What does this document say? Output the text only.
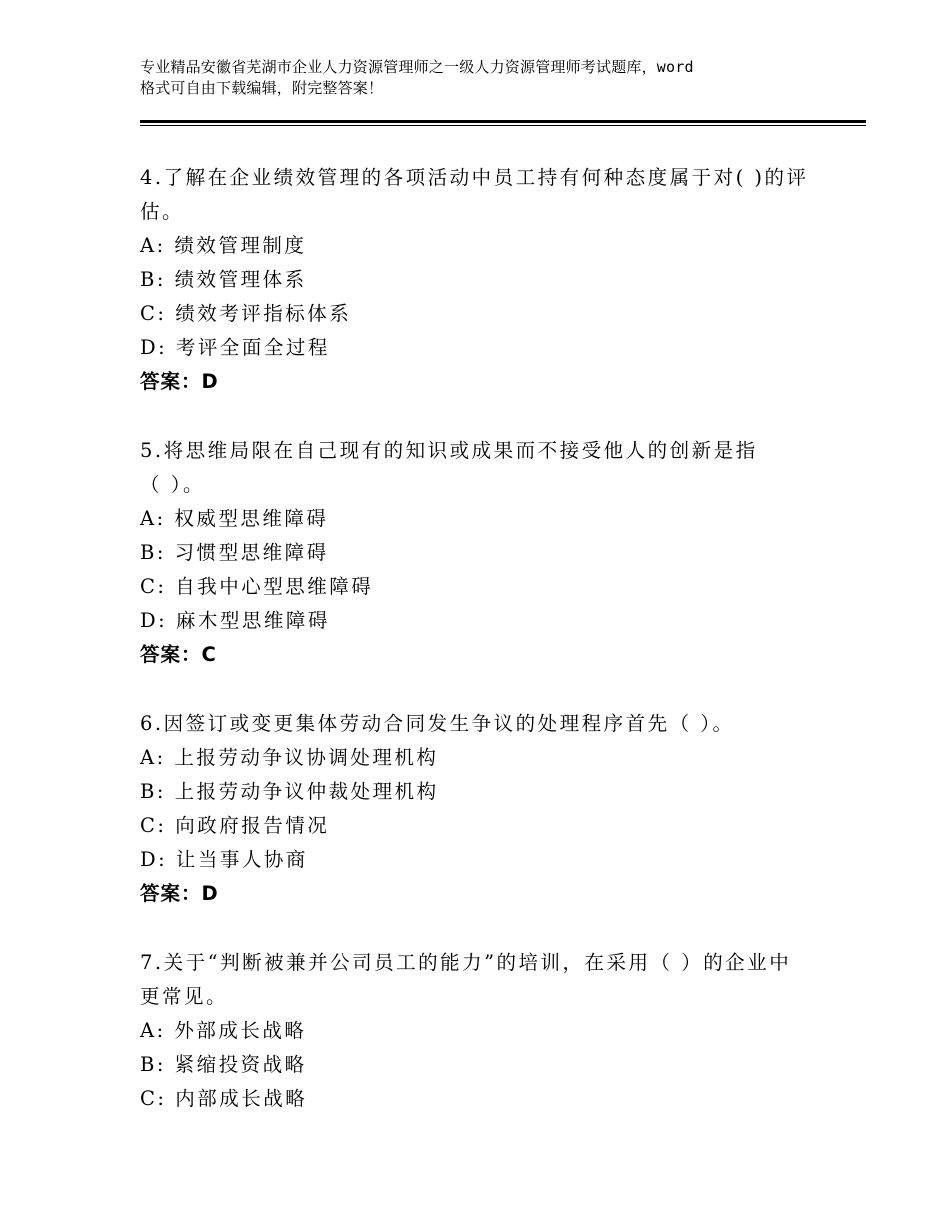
专业精品安徽省芜湖市企业人力资源管理师之一级人力资源管理师考试题库，word
格式可自由下载编辑，附完整答案！
4.了解在企业绩效管理的各项活动中员工持有何种态度属于对( )的评
估。
A: 绩效管理制度
B: 绩效管理体系
C: 绩效考评指标体系
D: 考评全面全过程
答案：D
5.将思维局限在自己现有的知识或成果而不接受他人的创新是指
（ ）。
A: 权威型思维障碍
B: 习惯型思维障碍
C: 自我中心型思维障碍
D: 麻木型思维障碍
答案：C
6.因签订或变更集体劳动合同发生争议的处理程序首先（ ）。
A: 上报劳动争议协调处理机构
B: 上报劳动争议仲裁处理机构
C: 向政府报告情况
D: 让当事人协商
答案：D
7.关于“判断被兼并公司员工的能力”的培训，在采用（ ）的企业中
更常见。
A: 外部成长战略
B: 紧缩投资战略
C: 内部成长战略
